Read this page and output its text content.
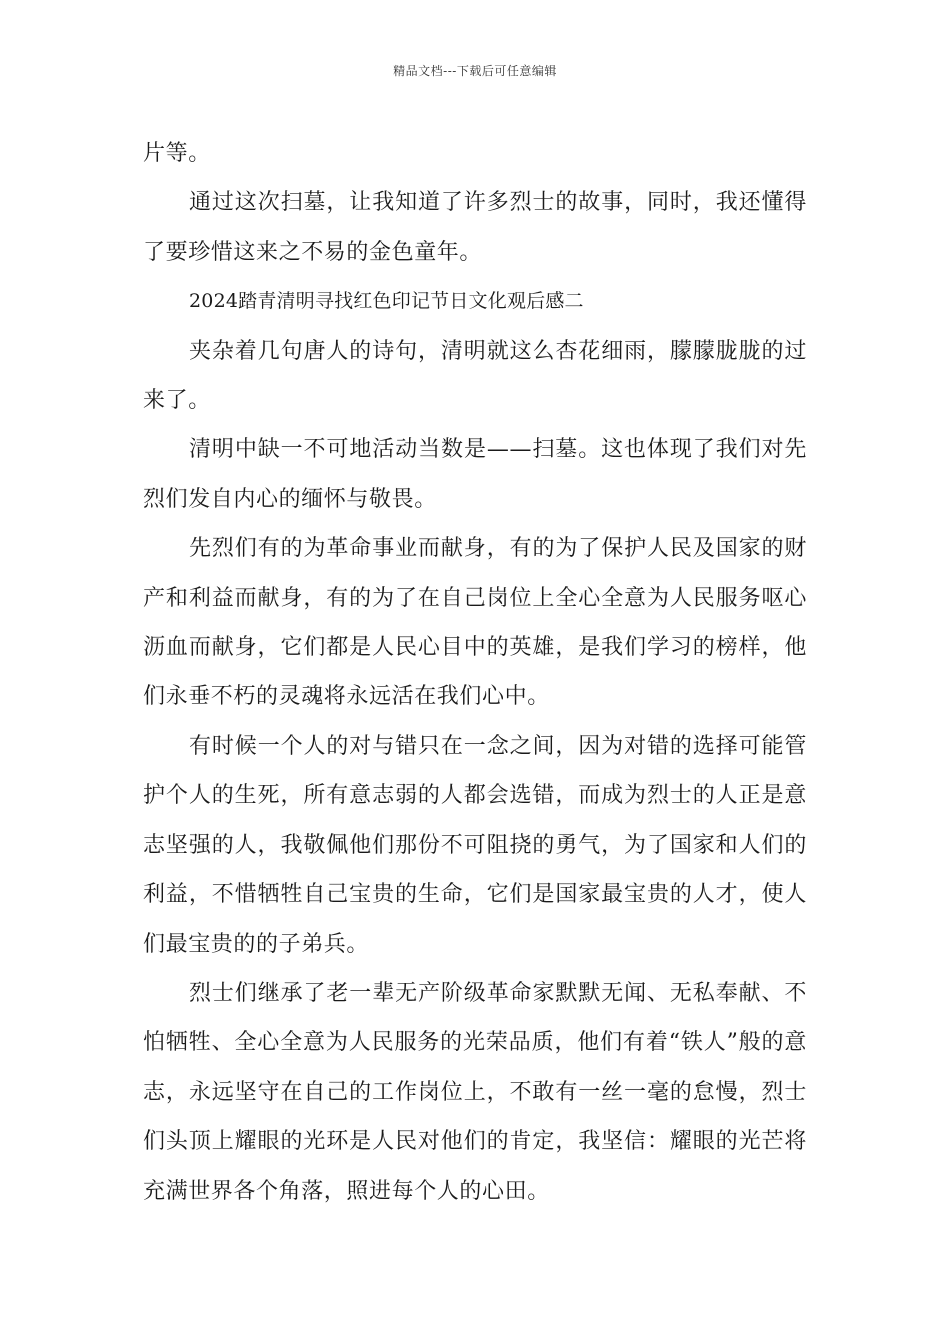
精品文档---下载后可任意编辑

片等。

通过这次扫墓，让我知道了许多烈士的故事，同时，我还懂得了要珍惜这来之不易的金色童年。

2024踏青清明寻找红色印记节日文化观后感二

夹杂着几句唐人的诗句，清明就这么杏花细雨，朦朦胧胧的过来了。

清明中缺一不可地活动当数是——扫墓。这也体现了我们对先烈们发自内心的缅怀与敬畏。

先烈们有的为革命事业而献身，有的为了保护人民及国家的财产和利益而献身，有的为了在自己岗位上全心全意为人民服务呕心沥血而献身，它们都是人民心目中的英雄，是我们学习的榜样，他们永垂不朽的灵魂将永远活在我们心中。

有时候一个人的对与错只在一念之间，因为对错的选择可能管护个人的生死，所有意志弱的人都会选错，而成为烈士的人正是意志坚强的人，我敬佩他们那份不可阻挠的勇气，为了国家和人们的利益，不惜牺牲自己宝贵的生命，它们是国家最宝贵的人才，使人们最宝贵的的子弟兵。

烈士们继承了老一辈无产阶级革命家默默无闻、无私奉献、不怕牺牲、全心全意为人民服务的光荣品质，他们有着“铁人”般的意志，永远坚守在自己的工作岗位上，不敢有一丝一毫的怠慢，烈士们头顶上耀眼的光环是人民对他们的肯定，我坚信：耀眼的光芒将充满世界各个角落，照进每个人的心田。
